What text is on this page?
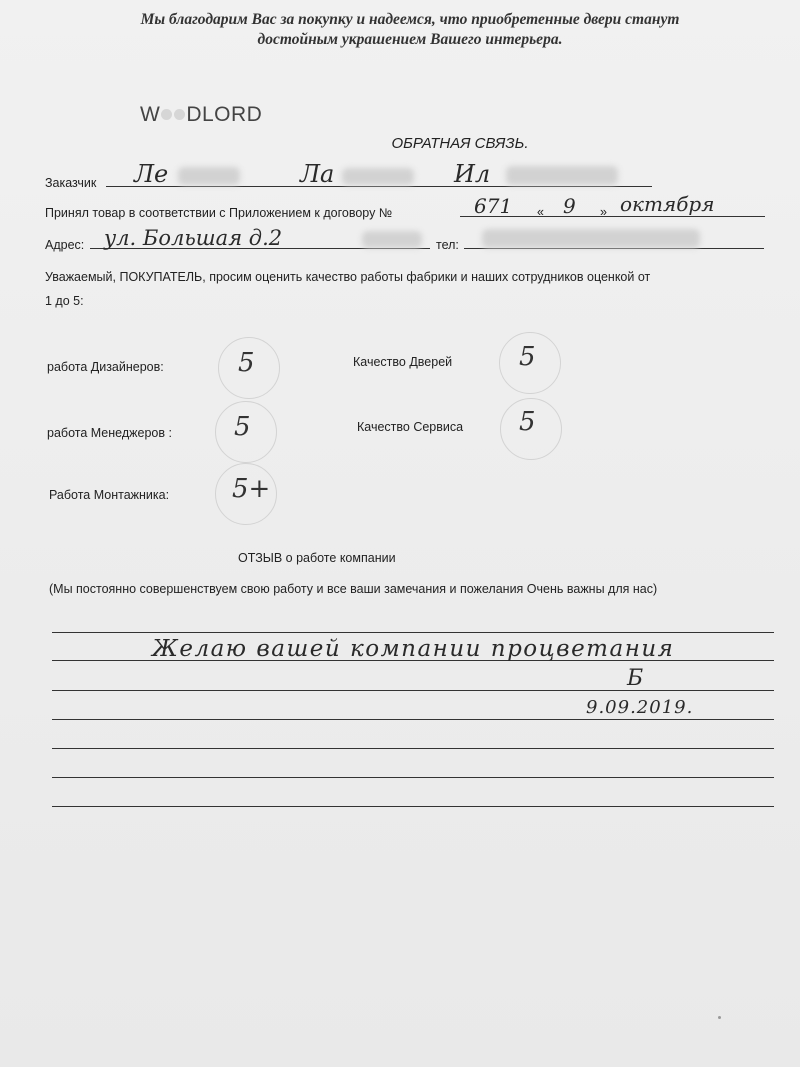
Мы благодарим Вас за покупку и надеемся, что приобретенные двери станут
достойным украшением Вашего интерьера.
W DLORD
ОБРАТНАЯ СВЯЗЬ.
Заказчик Ле	Ла	Ил
Принял товар в соответствии с Приложением к договору №	671 « 9 » октября
Адрес: ул. Большая д.2	тел:
Уважаемый, ПОКУПАТЕЛЬ, просим оценить качество работы фабрики и наших сотрудников оценкой от
1 до 5:
работа Дизайнеров:	5	Качество Дверей	5
работа Менеджеров : 5	Качество Сервиса 5
Работа Монтажника: 5+
ОТЗЫВ о работе компании
(Мы постоянно совершенствуем свою работу и все ваши замечания и пожелания Очень важны для нас)
Желаю вашей компании процветания
Б
9.09.2019.
